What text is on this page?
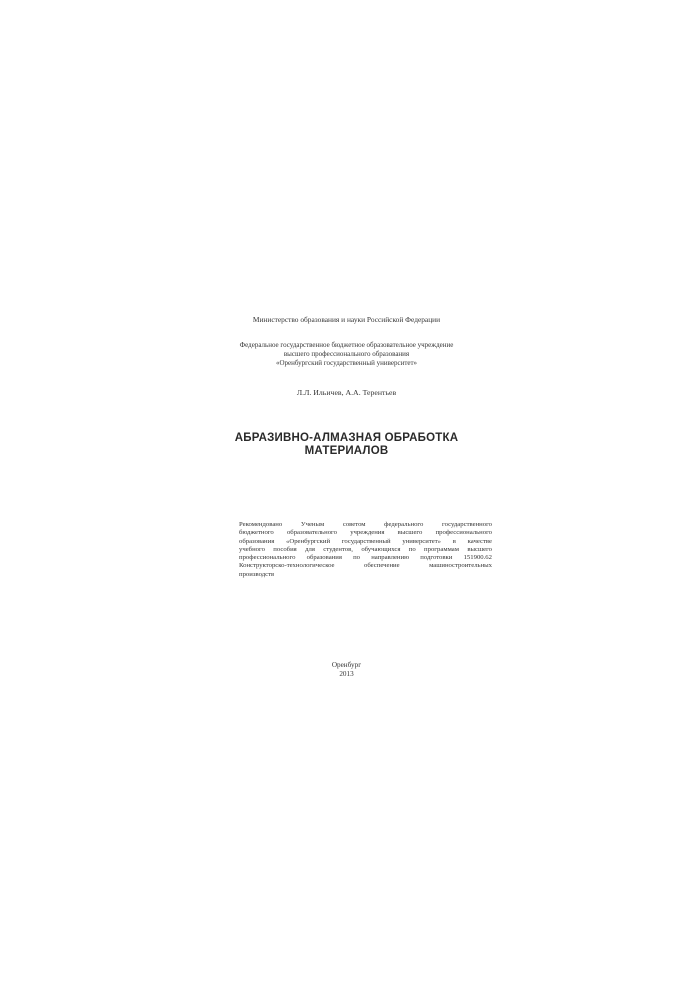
Министерство образования и науки Российской Федерации
Федеральное государственное бюджетное образовательное учреждение
высшего профессионального образования
«Оренбургский государственный университет»
Л.Л. Ильичев, А.А. Терентьев
АБРАЗИВНО-АЛМАЗНАЯ ОБРАБОТКА
МАТЕРИАЛОВ
Рекомендовано Ученым советом федерального государственного
бюджетного образовательного учреждения высшего профессионального
образования «Оренбургский государственный университет» в качестве
учебного пособия для студентов, обучающихся по программам высшего
профессионального образования по направлению подготовки 151900.62
Конструкторско-технологическое обеспечение машиностроительных
производств
Оренбург
2013
